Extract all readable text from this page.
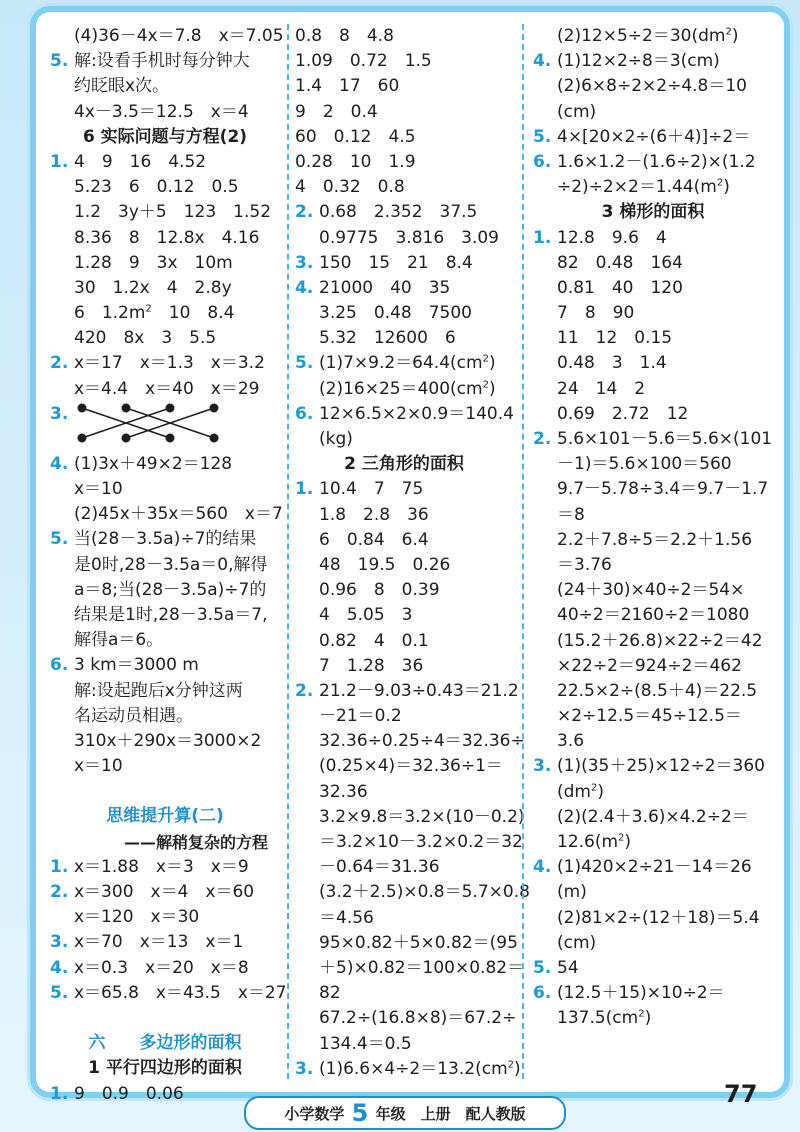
(4)36－4x＝7.8　x＝7.05
5. 解:设看手机时每分钟大
约眨眼x次。
4x－3.5＝12.5　x＝4
6 实际问题与方程(2)
1. 4　9　16　4.52
5.23　6　0.12　0.5
1.2　3y＋5　123　1.52
8.36　8　12.8x　4.16
1.28　9　3x　10m
30　1.2x　4　2.8y
6　$1.2m^2$　10　8.4
420　8x　3　5.5
2. x＝17　x＝1.3　x＝3.2
x＝4.4　x＝40　x＝29
3.
4. (1)3x＋49×2＝128
x＝10
(2)45x＋35x＝560　x＝7
5. 当(28－3.5a)÷7的结果
是0时,28－3.5a＝0,解得
a＝8;当(28－3.5a)÷7的
结果是1时,28－3.5a＝7,
解得a＝6。
6. 3 km＝3000 m
解:设起跑后x分钟这两
名运动员相遇。
310x＋290x＝3000×2
x＝10
思维提升算(二)
——解稍复杂的方程
1. x＝1.88　x＝3　x＝9
2. x＝300　x＝4　x＝60
x＝120　x＝30
3. x＝70　x＝13　x＝1
4. x＝0.3　x＝20　x＝8
5. x＝65.8　x＝43.5　x＝27
六 多边形的面积
1 平行四边形的面积
1. 9　0.9　0.06
0.8　8　4.8
1.09　0.72　1.5
1.4　17　60
9　2　0.4
60　0.12　4.5
0.28　10　1.9
4　0.32　0.8
2. 0.68　2.352　37.5
0.9775　3.816　3.09
3. 150　15　21　8.4
4. 21000　40　35
3.25　0.48　7500
5.32　12600　6
5. $(1)7\times 9.2=64.4(cm^2)$
$(2)16\times 25=400(cm^2)$
6. 12×6.5×2×0.9＝140.4
(kg)
2 三角形的面积
1. 10.4　7　75
1.8　2.8　36
6　0.84　6.4
48　19.5　0.26
0.96　8　0.39
4　5.05　3
0.82　4　0.1
7　1.28　36
2. 21.2－9.03÷0.43＝21.2
－21＝0.2
32.36÷0.25÷4＝32.36÷
(0.25×4)＝32.36÷1＝
32.36
3.2×9.8＝3.2×(10－0.2)
＝3.2×10－3.2×0.2＝32
－0.64＝31.36
(3.2＋2.5)×0.8＝5.7×0.8
＝4.56
95×0.82＋5×0.82＝(95
＋5)×0.82＝100×0.82＝
82
67.2÷(16.8×8)＝67.2÷
134.4＝0.5
3. $(1)6.6\times 4\div 2=13.2(cm^2)$
$(2)12\times 5\div 2=30(dm^2)$
4. (1)12×2÷8＝3(cm)
(2)6×8÷2×2÷4.8＝10
(cm)
5. 4×[20×2÷(6＋4)]÷2＝
6. 1.6×1.2－(1.6÷2)×(1.2
$\div 2)\div 2\times 2=1.44(m^2)$
3 梯形的面积
1. 12.8　9.6　4
82　0.48　164
0.81　40　120
7　8　90
11　12　0.15
0.48　3　1.4
24　14　2
0.69　2.72　12
2. 5.6×101－5.6＝5.6×(101
－1)＝5.6×100＝560
9.7－5.78÷3.4＝9.7－1.7
＝8
2.2＋7.8÷5＝2.2＋1.56
＝3.76
(24＋30)×40÷2＝54×
40÷2＝2160÷2＝1080
(15.2＋26.8)×22÷2＝42
×22÷2＝924÷2＝462
22.5×2÷(8.5＋4)＝22.5
×2÷12.5＝45÷12.5＝
3.6
3. (1)(35＋25)×12÷2＝360
$(dm^2)$
(2)(2.4＋3.6)×4.2÷2＝
$12.6(m^2)$
4. (1)420×2÷21－14＝26
(m)
(2)81×2÷(12＋18)＝5.4
(cm)
5. 54
6. (12.5＋15)×10÷2＝
$137.5(cm^2)$
小学数学 5 年级　上册　配人教版
77
